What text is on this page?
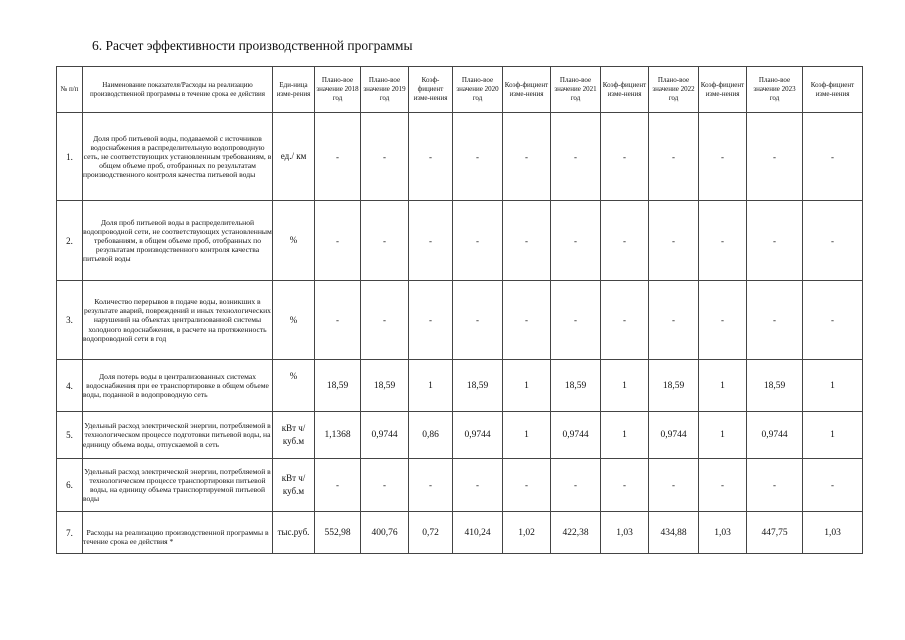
6. Расчет эффективности производственной программы
№ п/п	Наименование показателя/Расходы на реализацию производственной программы в течение срока ее действия	Еди-ница изме-рения	Плано-вое значение 2018 год	Плано-вое значение 2019 год	Коэф-фициент изме-нения	Плано-вое значение 2020 год	Коэф-фициент изме-нения	Плано-вое значение 2021 год	Коэф-фициент изме-нения	Плано-вое значение 2022 год	Коэф-фициент изме-нения	Плано-вое значение 2023 год	Коэф-фициент изме-нения
1.	Доля проб питьевой воды, подаваемой с источников водоснабжения в распределительную водопроводную сеть, не соответствующих установленным требованиям, в общем объеме проб, отобранных по результатам производственного контроля качества питьевой воды	ед./ км	-	-	-	-	-	-	-	-	-	-	-
2.	Доля проб питьевой воды в распределительной водопроводной сети, не соответствующих установленным требованиям, в общем объеме проб, отобранных по результатам производственного контроля качества питьевой воды	%	-	-	-	-	-	-	-	-	-	-	-
3.	Количество перерывов в подаче воды, возникших в результате аварий, повреждений и иных технологических нарушений на объектах централизованной системы холодного водоснабжения, в расчете на протяженность водопроводной сети в год	%	-	-	-	-	-	-	-	-	-	-	-
4.	Доля потерь воды в централизованных системах водоснабжения при ее транспортировке в общем объеме воды, поданной в водопроводную сеть	%	18,59	18,59	1	18,59	1	18,59	1	18,59	1	18,59	1
5.	Удельный расход электрической энергии, потребляемой в технологическом процессе подготовки питьевой воды, на единицу объема воды, отпускаемой в сеть	кВт ч/куб.м	1,1368	0,9744	0,86	0,9744	1	0,9744	1	0,9744	1	0,9744	1
6.	Удельный расход электрической энергии, потребляемой в технологическом процессе транспортировки питьевой воды, на единицу объема транспортируемой питьевой воды	кВт ч/куб.м	-	-	-	-	-	-	-	-	-	-	-
7.	Расходы на реализацию производственной программы в течение срока ее действия *	тыс.руб.	552,98	400,76	0,72	410,24	1,02	422,38	1,03	434,88	1,03	447,75	1,03
